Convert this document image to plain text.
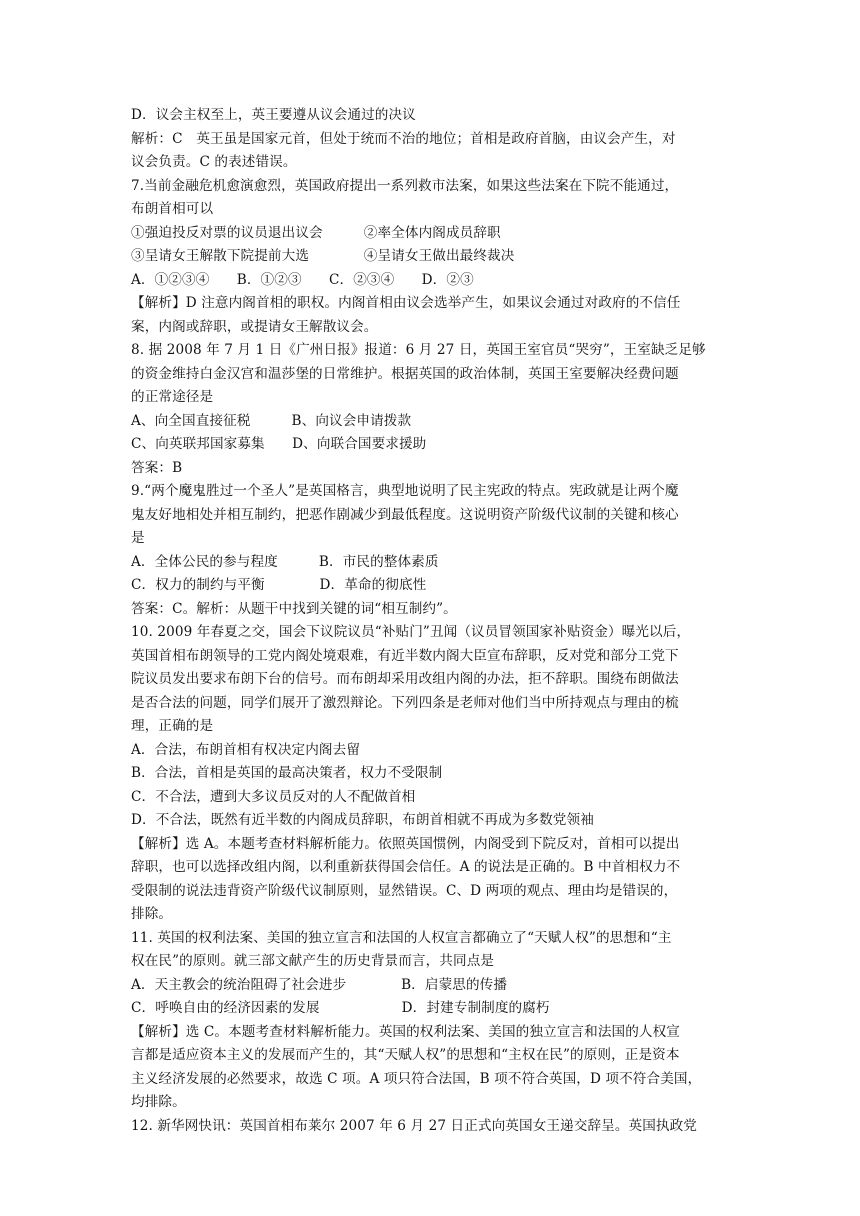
D．议会主权至上，英王要遵从议会通过的决议
解析：C　英王虽是国家元首，但处于统而不治的地位；首相是政府首脑，由议会产生，对
议会负责。C 的表述错误。
7.当前金融危机愈演愈烈，英国政府提出一系列救市法案，如果这些法案在下院不能通过，
布朗首相可以
①强迫投反对票的议员退出议会　　　②率全体内阁成员辞职
③呈请女王解散下院提前大选　　　　④呈请女王做出最终裁决
A．①②③④　　B．①②③　　C．②③④　　D．②③
【解析】D 注意内阁首相的职权。内阁首相由议会选举产生，如果议会通过对政府的不信任
案，内阁或辞职，或提请女王解散议会。
8. 据 2008 年 7 月 1 日《广州日报》报道：6 月 27 日，英国王室官员“哭穷”，王室缺乏足够
的资金维持白金汉宫和温莎堡的日常维护。根据英国的政治体制，英国王室要解决经费问题
的正常途径是
A、向全国直接征税　　　B、向议会申请拨款
C、向英联邦国家募集　　D、向联合国要求援助
答案：B
9.“两个魔鬼胜过一个圣人”是英国格言，典型地说明了民主宪政的特点。宪政就是让两个魔
鬼友好地相处并相互制约，把恶作剧减少到最低程度。这说明资产阶级代议制的关键和核心
是
A．全体公民的参与程度　　　B．市民的整体素质
C．权力的制约与平衡　　　　D．革命的彻底性
答案：C。解析：从题干中找到关键的词“相互制约”。
10. 2009 年春夏之交，国会下议院议员“补贴门”丑闻（议员冒领国家补贴资金）曝光以后，
英国首相布朗领导的工党内阁处境艰难，有近半数内阁大臣宣布辞职，反对党和部分工党下
院议员发出要求布朗下台的信号。而布朗却采用改组内阁的办法，拒不辞职。围绕布朗做法
是否合法的问题，同学们展开了激烈辩论。下列四条是老师对他们当中所持观点与理由的梳
理，正确的是
A．合法，布朗首相有权决定内阁去留
B．合法，首相是英国的最高决策者，权力不受限制
C．不合法，遭到大多议员反对的人不配做首相
D．不合法，既然有近半数的内阁成员辞职，布朗首相就不再成为多数党领袖
【解析】选 A。本题考查材料解析能力。依照英国惯例，内阁受到下院反对，首相可以提出
辞职，也可以选择改组内阁，以利重新获得国会信任。A 的说法是正确的。B 中首相权力不
受限制的说法违背资产阶级代议制原则，显然错误。C、D 两项的观点、理由均是错误的，
排除。
11. 英国的权利法案、美国的独立宣言和法国的人权宣言都确立了“天赋人权”的思想和“主
权在民”的原则。就三部文献产生的历史背景而言，共同点是
A．天主教会的统治阻碍了社会进步　　　　B．启蒙思的传播
C．呼唤自由的经济因素的发展　　　　　　D．封建专制制度的腐朽
【解析】选 C。本题考查材料解析能力。英国的权利法案、美国的独立宣言和法国的人权宣
言都是适应资本主义的发展而产生的，其“天赋人权”的思想和“主权在民”的原则，正是资本
主义经济发展的必然要求，故选 C 项。A 项只符合法国，B 项不符合英国，D 项不符合美国，
均排除。
12. 新华网快讯：英国首相布莱尔 2007 年 6 月 27 日正式向英国女王递交辞呈。英国执政党
